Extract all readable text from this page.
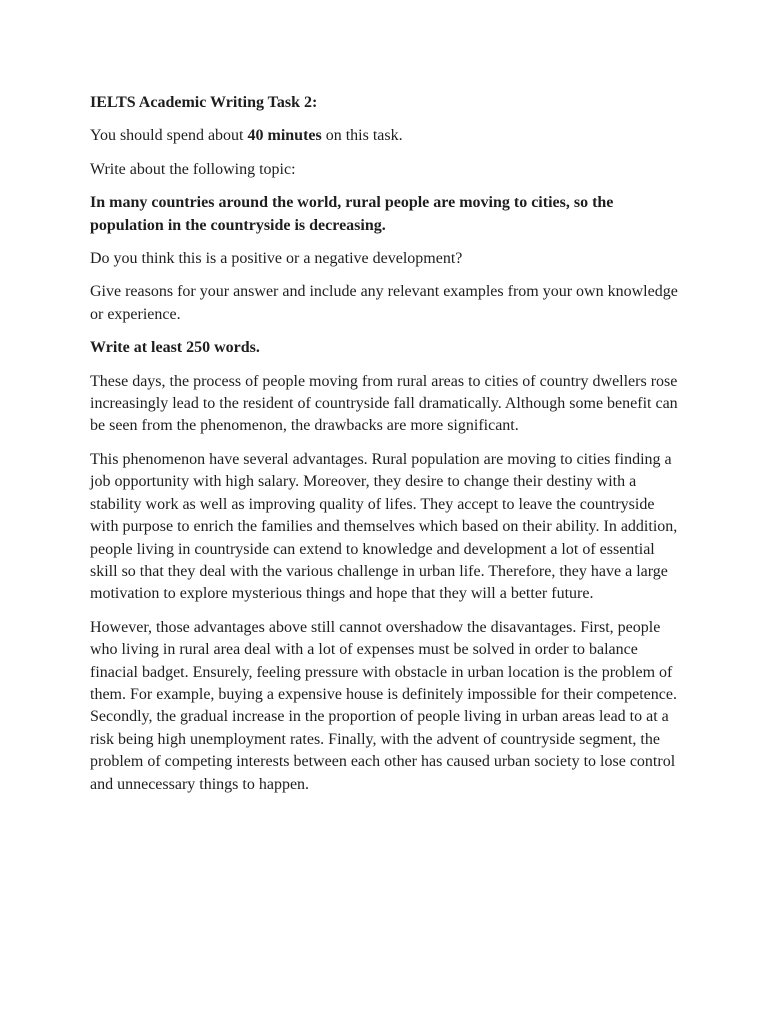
IELTS Academic Writing Task 2:

You should spend about 40 minutes on this task.

Write about the following topic:

In many countries around the world, rural people are moving to cities, so the population in the countryside is decreasing.

Do you think this is a positive or a negative development?

Give reasons for your answer and include any relevant examples from your own knowledge or experience.

Write at least 250 words.

These days, the process of people moving from rural areas to cities of country dwellers rose increasingly lead to the resident of countryside fall dramatically. Although some benefit can be seen from the phenomenon, the drawbacks are more significant.

This phenomenon have several advantages. Rural population are moving to cities finding a job opportunity with high salary. Moreover, they desire to change their destiny with a stability work as well as improving quality of lifes. They accept to leave the countryside with purpose to enrich the families and themselves which based on their ability. In addition, people living in countryside can extend to knowledge and development a lot of essential skill so that they deal with the various challenge in urban life. Therefore, they have a large motivation to explore mysterious things and hope that they will a better future.

However, those advantages above still cannot overshadow the disavantages. First, people who living in rural area deal with a lot of expenses must be solved in order to balance finacial badget. Ensurely, feeling pressure with obstacle in urban location is the problem of them. For example, buying a expensive house is definitely impossible for their competence. Secondly, the gradual increase in the proportion of people living in urban areas lead to at a risk being high unemployment rates. Finally, with the advent of countryside segment, the problem of competing interests between each other has caused urban society to lose control and unnecessary things to happen.
